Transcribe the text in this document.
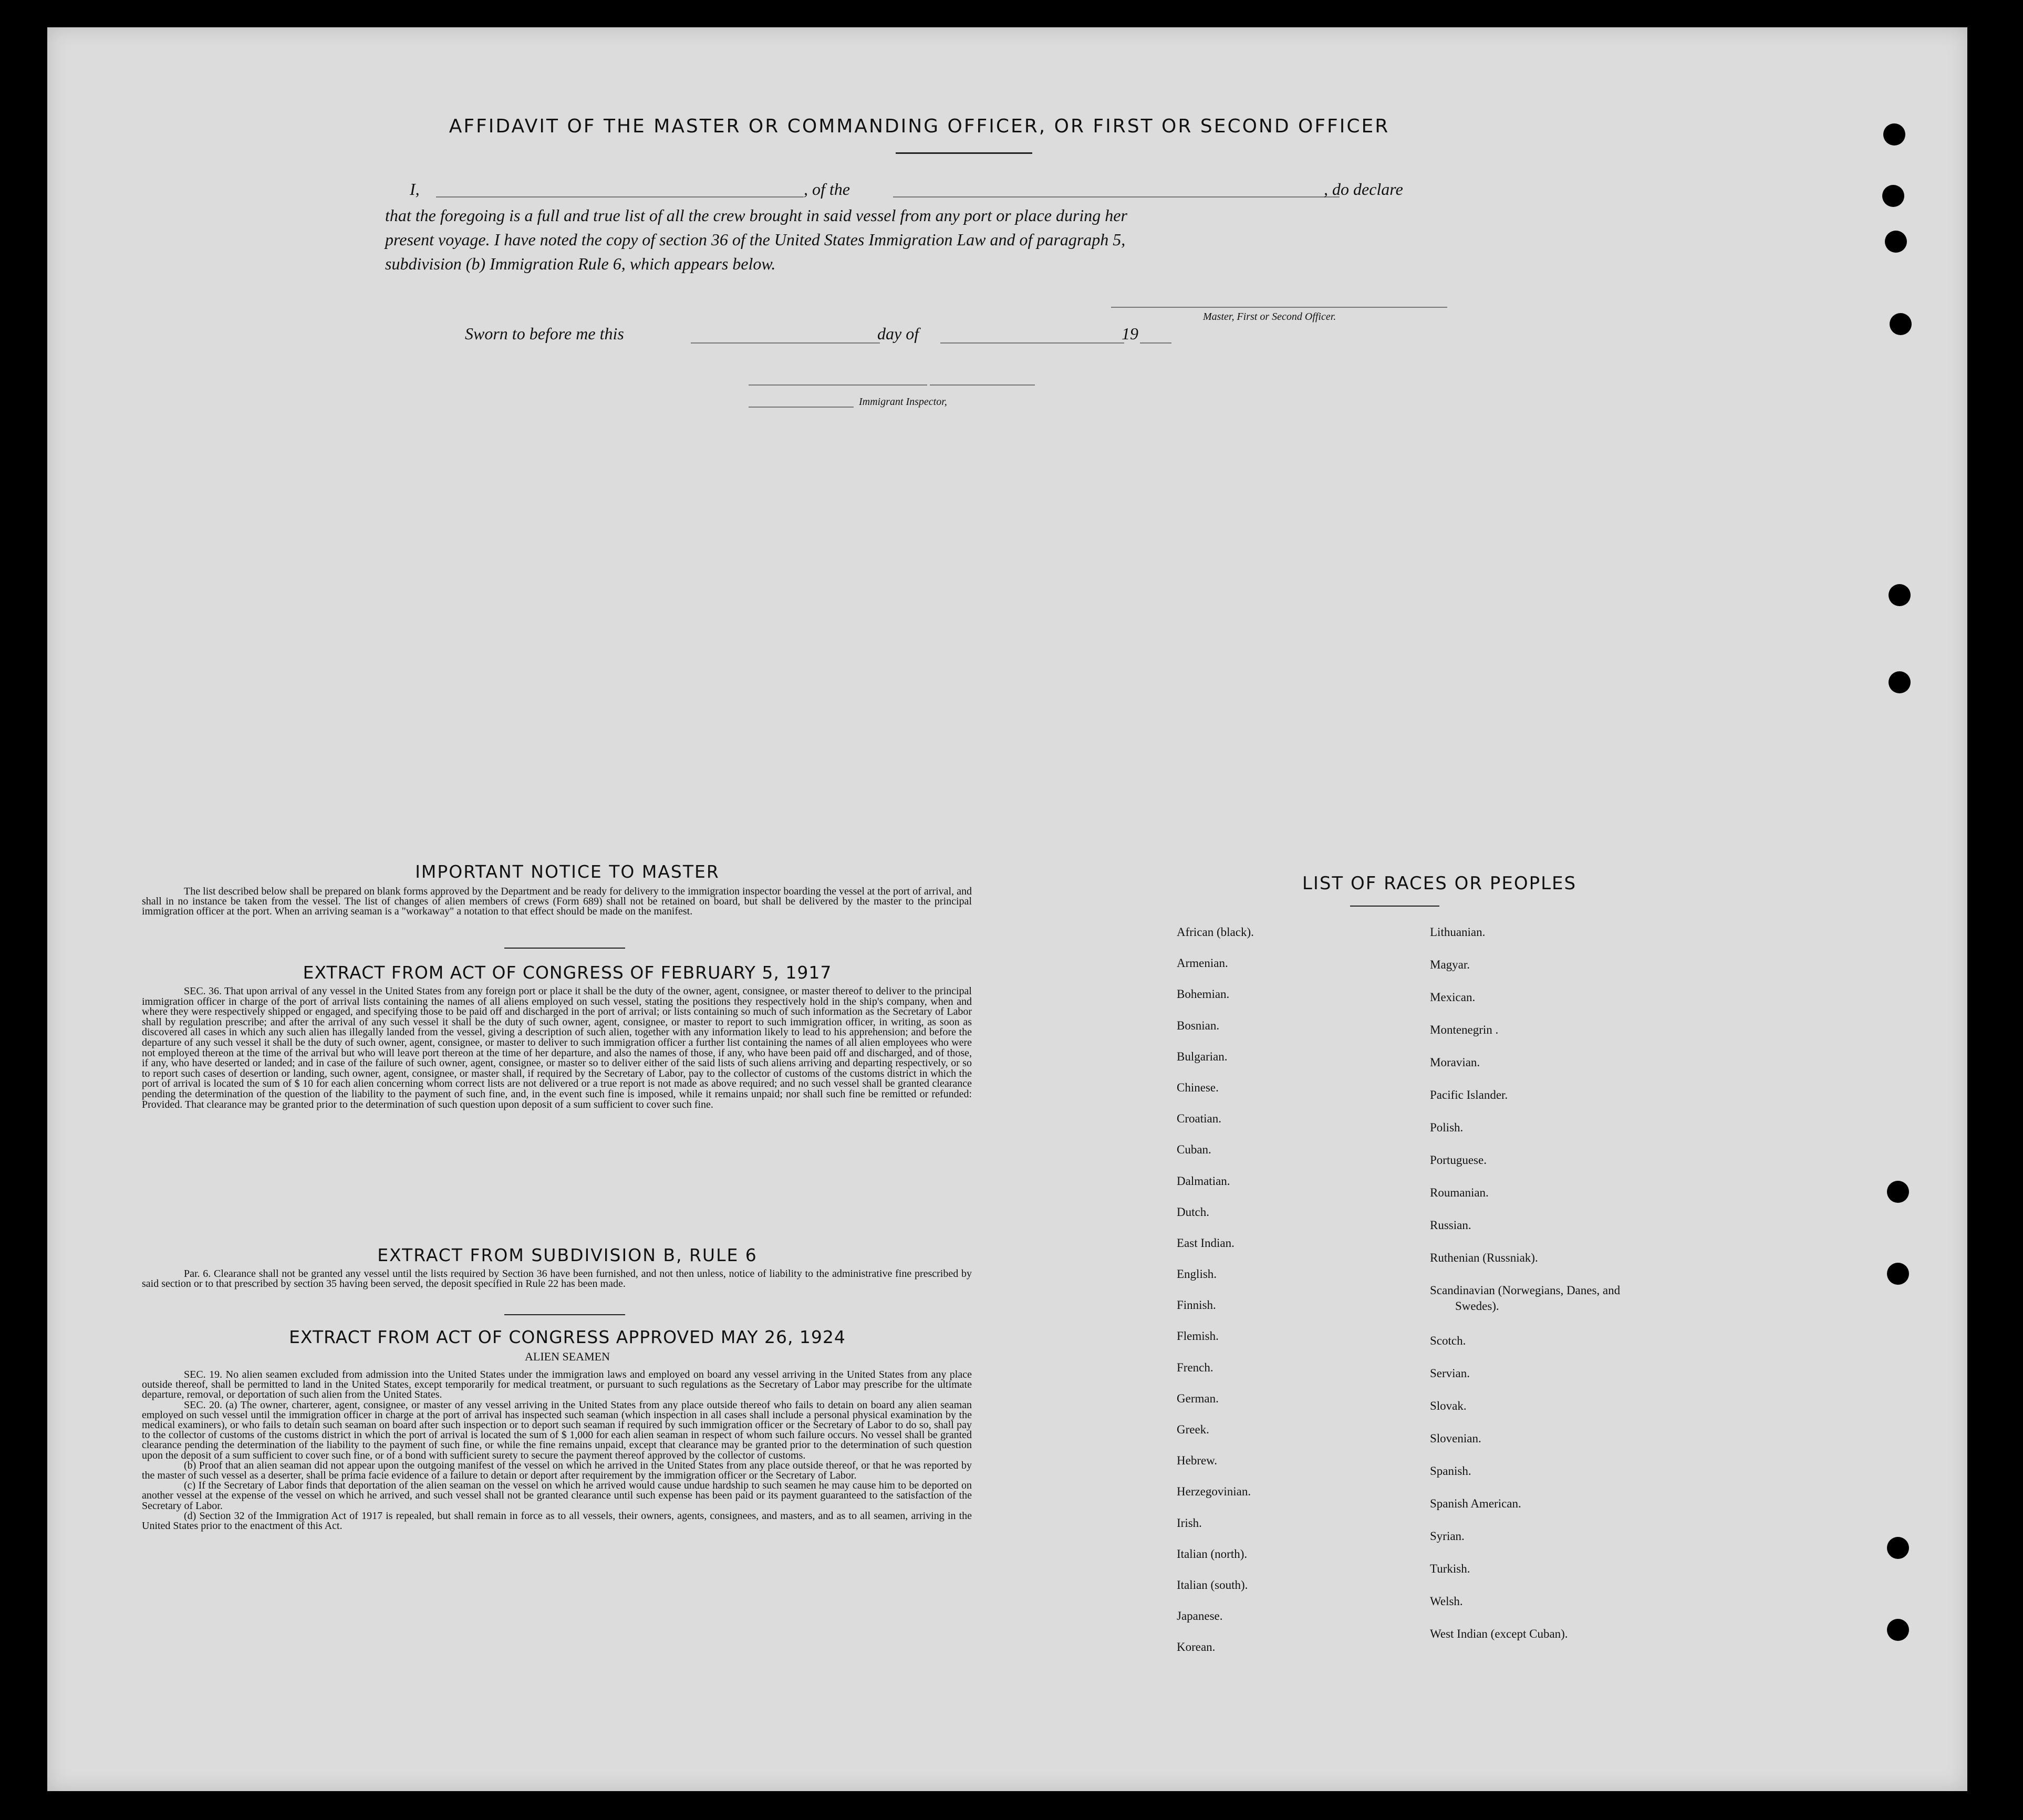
AFFIDAVIT OF THE MASTER OR COMMANDING OFFICER, OR FIRST OR SECOND OFFICER
I,	, of the	, do declare
that the foregoing is a full and true list of all the crew brought in said vessel from any port or place during her
present voyage. I have noted the copy of section 36 of the United States Immigration Law and of paragraph 5,
subdivision (b) Immigration Rule 6, which appears below.
Master, First or Second Officer.
Sworn to before me this	day of	19
Immigrant Inspector,
IMPORTANT NOTICE TO MASTER
The list described below shall be prepared on blank forms approved by the Department and be ready for delivery to the immigration inspector boarding the vessel at the port of arrival, and shall in no instance be taken from the vessel. The list of changes of alien members of crews (Form 689) shall not be retained on board, but shall be delivered by the master to the principal immigration officer at the port. When an arriving seaman is a "workaway" a notation to that effect should be made on the manifest.
EXTRACT FROM ACT OF CONGRESS OF FEBRUARY 5, 1917
SEC. 36. That upon arrival of any vessel in the United States from any foreign port or place it shall be the duty of the owner, agent, consignee, or master thereof to deliver to the principal immigration officer in charge of the port of arrival lists containing the names of all aliens employed on such vessel, stating the positions they respectively hold in the ship's company, when and where they were respectively shipped or engaged, and specifying those to be paid off and discharged in the port of arrival; or lists containing so much of such information as the Secretary of Labor shall by regulation prescribe; and after the arrival of any such vessel it shall be the duty of such owner, agent, consignee, or master to report to such immigration officer, in writing, as soon as discovered all cases in which any such alien has illegally landed from the vessel, giving a description of such alien, together with any information likely to lead to his apprehension; and before the departure of any such vessel it shall be the duty of such owner, agent, consignee, or master to deliver to such immigration officer a further list containing the names of all alien employees who were not employed thereon at the time of the arrival but who will leave port thereon at the time of her departure, and also the names of those, if any, who have been paid off and discharged, and of those, if any, who have deserted or landed; and in case of the failure of such owner, agent, consignee, or master so to deliver either of the said lists of such aliens arriving and departing respectively, or so to report such cases of desertion or landing, such owner, agent, consignee, or master shall, if required by the Secretary of Labor, pay to the collector of customs of the customs district in which the port of arrival is located the sum of $ 10 for each alien concerning whom correct lists are not delivered or a true report is not made as above required; and no such vessel shall be granted clearance pending the determination of the question of the liability to the payment of such fine, and, in the event such fine is imposed, while it remains unpaid; nor shall such fine be remitted or refunded: Provided. That clearance may be granted prior to the determination of such question upon deposit of a sum sufficient to cover such fine.
EXTRACT FROM SUBDIVISION B, RULE 6
Par. 6. Clearance shall not be granted any vessel until the lists required by Section 36 have been furnished, and not then unless, notice of liability to the administrative fine prescribed by said section or to that prescribed by section 35 having been served, the deposit specified in Rule 22 has been made.
EXTRACT FROM ACT OF CONGRESS APPROVED MAY 26, 1924
ALIEN SEAMEN
SEC. 19. No alien seamen excluded from admission into the United States under the immigration laws and employed on board any vessel arriving in the United States from any place outside thereof, shall be permitted to land in the United States, except temporarily for medical treatment, or pursuant to such regulations as the Secretary of Labor may prescribe for the ultimate departure, removal, or deportation of such alien from the United States.
SEC. 20. (a) The owner, charterer, agent, consignee, or master of any vessel arriving in the United States from any place outside thereof who fails to detain on board any alien seaman employed on such vessel until the immigration officer in charge at the port of arrival has inspected such seaman (which inspection in all cases shall include a personal physical examination by the medical examiners), or who fails to detain such seaman on board after such inspection or to deport such seaman if required by such immigration officer or the Secretary of Labor to do so, shall pay to the collector of customs of the customs district in which the port of arrival is located the sum of $ 1,000 for each alien seaman in respect of whom such failure occurs. No vessel shall be granted clearance pending the determination of the liability to the payment of such fine, or while the fine remains unpaid, except that clearance may be granted prior to the determination of such question upon the deposit of a sum sufficient to cover such fine, or of a bond with sufficient surety to secure the payment thereof approved by the collector of customs.
(b) Proof that an alien seaman did not appear upon the outgoing manifest of the vessel on which he arrived in the United States from any place outside thereof, or that he was reported by the master of such vessel as a deserter, shall be prima facie evidence of a failure to detain or deport after requirement by the immigration officer or the Secretary of Labor.
(c) If the Secretary of Labor finds that deportation of the alien seaman on the vessel on which he arrived would cause undue hardship to such seamen he may cause him to be deported on another vessel at the expense of the vessel on which he arrived, and such vessel shall not be granted clearance until such expense has been paid or its payment guaranteed to the satisfaction of the Secretary of Labor.
(d) Section 32 of the Immigration Act of 1917 is repealed, but shall remain in force as to all vessels, their owners, agents, consignees, and masters, and as to all seamen, arriving in the United States prior to the enactment of this Act.
LIST OF RACES OR PEOPLES
African (black).
Armenian.
Bohemian.
Bosnian.
Bulgarian.
Chinese.
Croatian.
Cuban.
Dalmatian.
Dutch.
East Indian.
English.
Finnish.
Flemish.
French.
German.
Greek.
Hebrew.
Herzegovinian.
Irish.
Italian (north).
Italian (south).
Japanese.
Korean.
Lithuanian.
Magyar.
Mexican.
Montenegrin .
Moravian.
Pacific Islander.
Polish.
Portuguese.
Roumanian.
Russian.
Ruthenian (Russniak).
Scandinavian (Norwegians, Danes, and Swedes).
Scotch.
Servian.
Slovak.
Slovenian.
Spanish.
Spanish American.
Syrian.
Turkish.
Welsh.
West Indian (except Cuban).
